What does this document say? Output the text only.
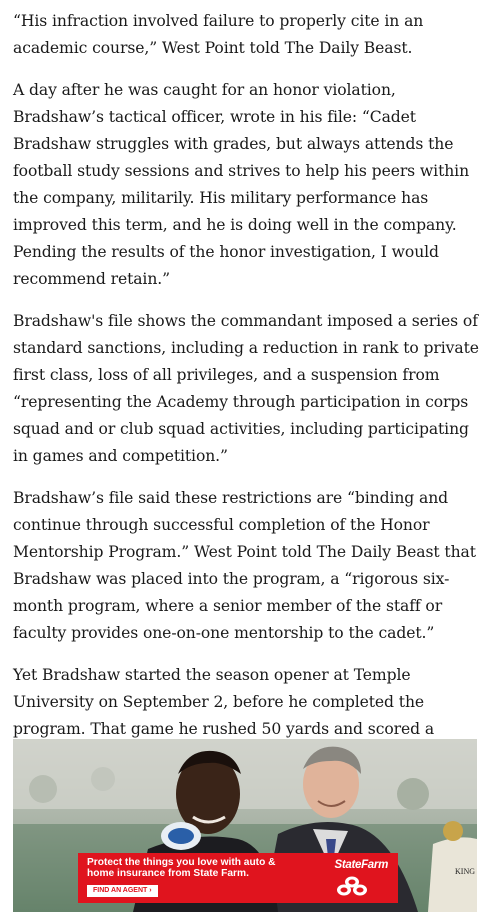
“His infraction involved failure to properly cite in an academic course,” West Point told The Daily Beast.

A day after he was caught for an honor violation, Bradshaw’s tactical officer, wrote in his file: “Cadet Bradshaw struggles with grades, but always attends the football study sessions and strives to help his peers within the company, militarily. His military performance has improved this term, and he is doing well in the company. Pending the results of the honor investigation, I would recommend retain.”

Bradshaw's file shows the commandant imposed a series of standard sanctions, including a reduction in rank to private first class, loss of all privileges, and a suspension from “representing the Academy through participation in corps squad and or club squad activities, including participating in games and competition.”

Bradshaw’s file said these restrictions are “binding and continue through successful completion of the Honor Mentorship Program.” West Point told The Daily Beast that Bradshaw was placed into the program, a “rigorous six-month program, where a senior member of the staff or faculty provides one-on-one mentorship to the cadet.”

Yet Bradshaw started the season opener at Temple University on September 2, before he completed the program. That game he rushed 50 yards and scored a

KING
Protect the things you love with auto & home insurance from State Farm.
FIND AN AGENT ›
StateFarm
